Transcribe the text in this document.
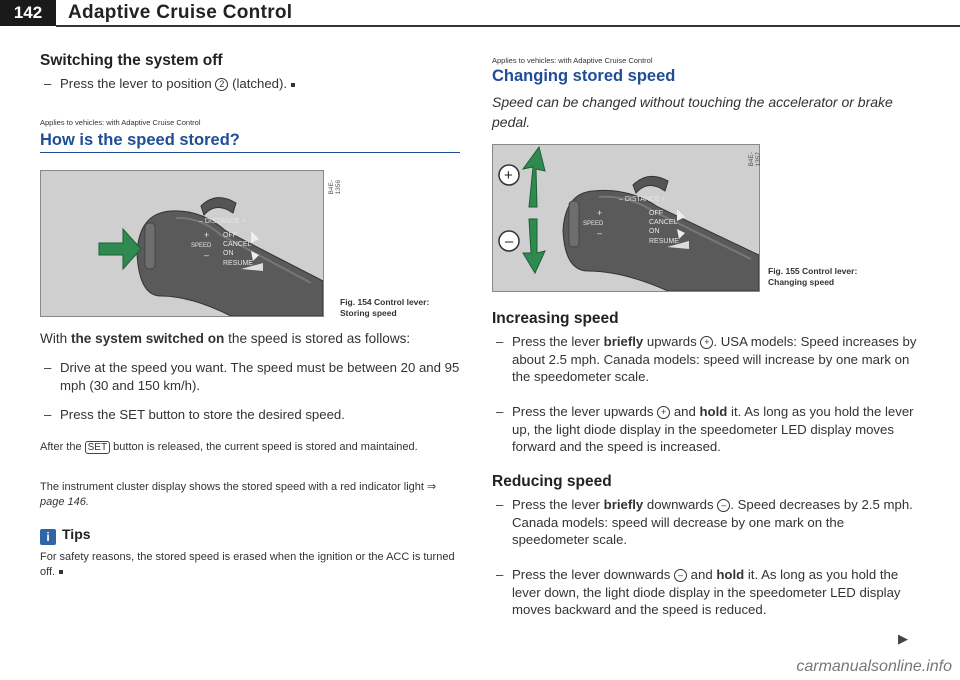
142	Adaptive Cruise Control
Switching the system off
– Press the lever to position 2 (latched).
Applies to vehicles: with Adaptive Cruise Control
How is the speed stored?
– DISTANCE +
SPEED
+
–
OFF
CANCEL
ON
RESUME
B4E-1356
Fig. 154 Control lever:
Storing speed
With the system switched on the speed is stored as follows:
– Drive at the speed you want. The speed must be between 20 and 95 mph (30 and 150 km/h).
– Press the SET button to store the desired speed.
After the SET button is released, the current speed is stored and maintained.
The instrument cluster display shows the stored speed with a red indicator light ⇒ page 146.
i Tips
For safety reasons, the stored speed is erased when the ignition or the ACC is turned off.
Applies to vehicles: with Adaptive Cruise Control
Changing stored speed
Speed can be changed without touching the accelerator or brake pedal.
– DISTANCE +
SPEED
+
–
OFF
CANCEL
ON
RESUME
+
–
B4E-1357
Fig. 155 Control lever:
Changing speed
Increasing speed
– Press the lever briefly upwards + . USA models: Speed increases by about 2.5 mph. Canada models: speed will increase by one mark on the speedometer scale.
– Press the lever upwards + and hold it. As long as you hold the lever up, the light diode display in the speedometer LED display moves forward and the speed is increased.
Reducing speed
– Press the lever briefly downwards – . Speed decreases by 2.5 mph. Canada models: speed will decrease by one mark on the speedometer scale.
– Press the lever downwards – and hold it. As long as you hold the lever down, the light diode display in the speedometer LED display moves backward and the speed is reduced.
▶
carmanualsonline.info
